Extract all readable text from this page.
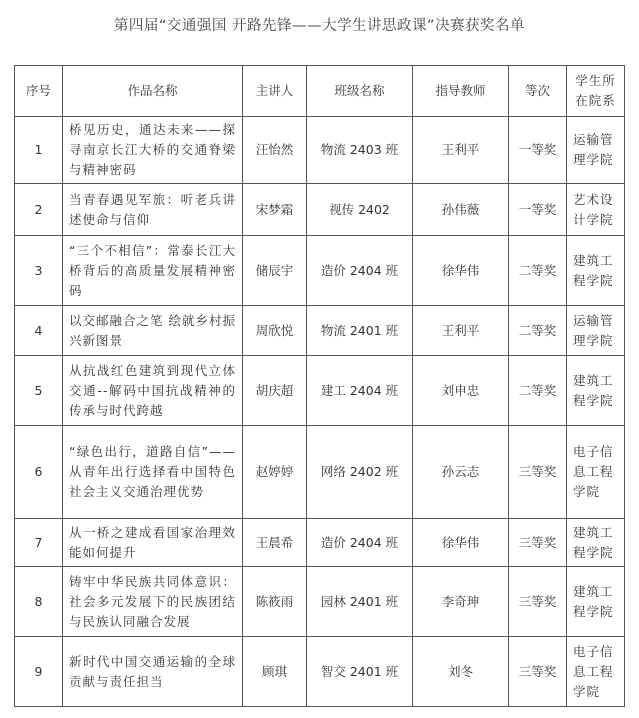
第四届“交通强国 开路先锋——大学生讲思政课”决赛获奖名单
序号	作品名称	主讲人	班级名称	指导教师	等次	学生所在院系
1	桥见历史，通达未来——探寻南京长江大桥的交通脊梁与精神密码	汪怡然	物流 2403 班	王利平	一等奖	运输管理学院
2	当青春遇见军旅：听老兵讲述使命与信仰	宋梦霜	视传 2402	孙伟薇	一等奖	艺术设计学院
3	“三个不相信”：常泰长江大桥背后的高质量发展精神密码	储辰宇	造价 2404 班	徐华伟	二等奖	建筑工程学院
4	以交邮融合之笔 绘就乡村振兴新图景	周欣悦	物流 2401 班	王利平	二等奖	运输管理学院
5	从抗战红色建筑到现代立体交通--解码中国抗战精神的传承与时代跨越	胡庆超	建工 2404 班	刘申忠	二等奖	建筑工程学院
6	“绿色出行，道路自信”——从青年出行选择看中国特色社会主义交通治理优势	赵婷婷	网络 2402 班	孙云志	三等奖	电子信息工程学院
7	从一桥之建成看国家治理效能如何提升	王晨希	造价 2404 班	徐华伟	三等奖	建筑工程学院
8	铸牢中华民族共同体意识：社会多元发展下的民族团结与民族认同融合发展	陈筱雨	园林 2401 班	李奇珅	三等奖	建筑工程学院
9	新时代中国交通运输的全球贡献与责任担当	顾琪	智交 2401 班	刘冬	三等奖	电子信息工程学院
